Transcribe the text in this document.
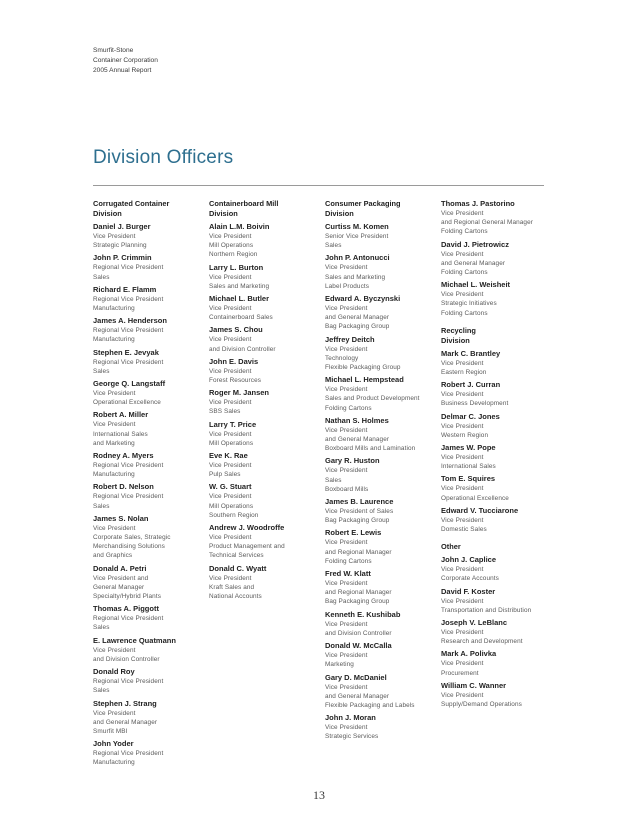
Smurfit-Stone
Container Corporation
2005 Annual Report
Division Officers
Corrugated Container
Division
Daniel J. Burger
Vice President
Strategic Planning
John P. Crimmin
Regional Vice President
Sales
Richard E. Flamm
Regional Vice President
Manufacturing
James A. Henderson
Regional Vice President
Manufacturing
Stephen E. Jevyak
Regional Vice President
Sales
George Q. Langstaff
Vice President
Operational Excellence
Robert A. Miller
Vice President
International Sales
and Marketing
Rodney A. Myers
Regional Vice President
Manufacturing
Robert D. Nelson
Regional Vice President
Sales
James S. Nolan
Vice President
Corporate Sales, Strategic
Merchandising Solutions
and Graphics
Donald A. Petri
Vice President and
General Manager
Specialty/Hybrid Plants
Thomas A. Piggott
Regional Vice President
Sales
E. Lawrence Quatmann
Vice President
and Division Controller
Donald Roy
Regional Vice President
Sales
Stephen J. Strang
Vice President
and General Manager
Smurfit MBI
John Yoder
Regional Vice President
Manufacturing
Containerboard Mill
Division
Alain L.M. Boivin
Vice President
Mill Operations
Northern Region
Larry L. Burton
Vice President
Sales and Marketing
Michael L. Butler
Vice President
Containerboard Sales
James S. Chou
Vice President
and Division Controller
John E. Davis
Vice President
Forest Resources
Roger M. Jansen
Vice President
SBS Sales
Larry T. Price
Vice President
Mill Operations
Eve K. Rae
Vice President
Pulp Sales
W. G. Stuart
Vice President
Mill Operations
Southern Region
Andrew J. Woodroffe
Vice President
Product Management and
Technical Services
Donald C. Wyatt
Vice President
Kraft Sales and
National Accounts
Consumer Packaging
Division
Curtiss M. Komen
Senior Vice President
Sales
John P. Antonucci
Vice President
Sales and Marketing
Label Products
Edward A. Byczynski
Vice President
and General Manager
Bag Packaging Group
Jeffrey Deitch
Vice President
Technology
Flexible Packaging Group
Michael L. Hempstead
Vice President
Sales and Product Development
Folding Cartons
Nathan S. Holmes
Vice President
and General Manager
Boxboard Mills and Lamination
Gary R. Huston
Vice President
Sales
Boxboard Mills
James B. Laurence
Vice President of Sales
Bag Packaging Group
Robert E. Lewis
Vice President
and Regional Manager
Folding Cartons
Fred W. Klatt
Vice President
and Regional Manager
Bag Packaging Group
Kenneth E. Kushibab
Vice President
and Division Controller
Donald W. McCalla
Vice President
Marketing
Gary D. McDaniel
Vice President
and General Manager
Flexible Packaging and Labels
John J. Moran
Vice President
Strategic Services
Thomas J. Pastorino
Vice President
and Regional General Manager
Folding Cartons
David J. Pietrowicz
Vice President
and General Manager
Folding Cartons
Michael L. Weisheit
Vice President
Strategic Initiatives
Folding Cartons
Recycling
Division
Mark C. Brantley
Vice President
Eastern Region
Robert J. Curran
Vice President
Business Development
Delmar C. Jones
Vice President
Western Region
James W. Pope
Vice President
International Sales
Tom E. Squires
Vice President
Operational Excellence
Edward V. Tucciarone
Vice President
Domestic Sales
Other
John J. Caplice
Vice President
Corporate Accounts
David F. Koster
Vice President
Transportation and Distribution
Joseph V. LeBlanc
Vice President
Research and Development
Mark A. Polivka
Vice President
Procurement
William C. Wanner
Vice President
Supply/Demand Operations
13
